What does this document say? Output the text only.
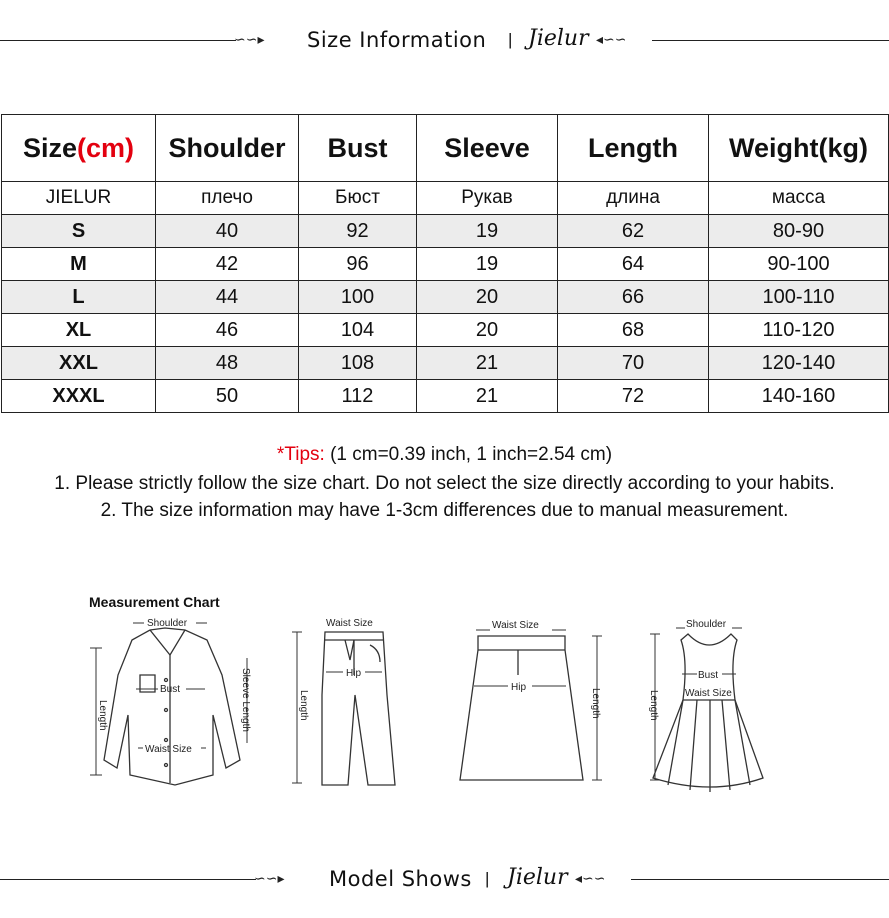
∽∽▸ Size Information | Jielur ◂∽∽
Size(cm)	Shoulder	Bust	Sleeve	Length	Weight(kg)
JIELUR	плечо	Бюст	Рукав	длина	масса
S	40	92	19	62	80-90
M	42	96	19	64	90-100
L	44	100	20	66	100-110
XL	46	104	20	68	110-120
XXL	48	108	21	70	120-140
XXXL	50	112	21	72	140-160
*Tips: (1 cm=0.39 inch, 1 inch=2.54 cm)
1. Please strictly follow the size chart. Do not select the size directly according to your habits.
2. The size information may have 1-3cm differences due to manual measurement.
Measurement Chart
Shoulder
Length
Bust
Waist Size
Sleeve Length
Waist Size
Hip
Length
Waist Size
Hip
Length
Shoulder
Bust
Waist Size
Length
∽∽▸ Model Shows | Jielur ◂∽∽
